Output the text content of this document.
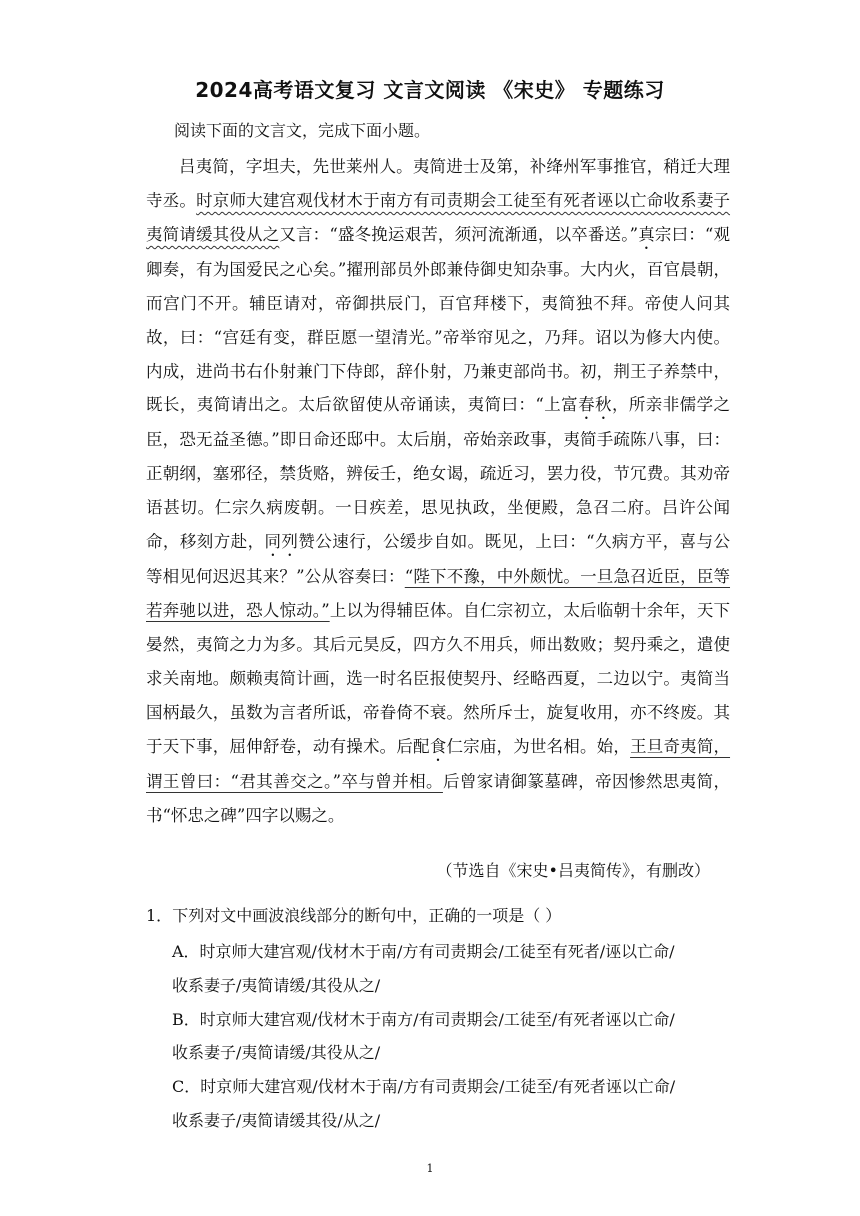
2024高考语文复习 文言文阅读 《宋史》 专题练习
阅读下面的文言文，完成下面小题。

吕夷简，字坦夫，先世莱州人。夷简进士及第，补绛州军事推官，稍迁大理寺丞。时京师大建宫观伐材木于南方有司责期会工徒至有死者诬以亡命收系妻子夷简请缓其役从之又言：“盛冬挽运艰苦，须河流渐通，以卒番送。”真宗曰：“观卿奏，有为国爱民之心矣。”擢刑部员外郎兼侍御史知杂事。大内火，百官晨朝，而宫门不开。辅臣请对，帝御拱辰门，百官拜楼下，夷简独不拜。帝使人问其故，曰：“宫廷有变，群臣愿一望清光。”帝举帘见之，乃拜。诏以为修大内使。内成，进尚书右仆射兼门下侍郎，辞仆射，乃兼吏部尚书。初，荆王子养禁中，既长，夷简请出之。太后欲留使从帝诵读，夷简曰：“上富春秋，所亲非儒学之臣，恐无益圣德。”即日命还邸中。太后崩，帝始亲政事，夷简手疏陈八事，曰：正朝纲，塞邪径，禁货赂，辨佞壬，绝女谒，疏近习，罢力役，节冗费。其劝帝语甚切。仁宗久病废朝。一日疾差，思见执政，坐便殿，急召二府。吕许公闻命，移刻方赴，同列赞公速行，公缓步自如。既见，上曰：“久病方平，喜与公等相见何迟迟其来？”公从容奏曰：“陛下不豫，中外颇忧。一旦急召近臣，臣等若奔驰以进，恐人惊动。”上以为得辅臣体。自仁宗初立，太后临朝十余年，天下晏然，夷简之力为多。其后元昊反，四方久不用兵，师出数败；契丹乘之，遣使求关南地。颇赖夷简计画，选一时名臣报使契丹、经略西夏，二边以宁。夷简当国柄最久，虽数为言者所诋，帝眷倚不衰。然所斥士，旋复收用，亦不终废。其于天下事，屈伸舒卷，动有操术。后配食仁宗庙，为世名相。始，王旦奇夷简，谓王曾曰：“君其善交之。”卒与曾并相。后曾家请御篆墓碑，帝因惨然思夷简，书“怀忠之碑”四字以赐之。

（节选自《宋史•吕夷简传》，有删改）
1．下列对文中画波浪线部分的断句中，正确的一项是（ ）
A．时京师大建宫观/伐材木于南/方有司责期会/工徒至有死者/诬以亡命/
收系妻子/夷简请缓/其役从之/
B．时京师大建宫观/伐材木于南方/有司责期会/工徒至/有死者诬以亡命/
收系妻子/夷简请缓/其役从之/
C．时京师大建宫观/伐材木于南/方有司责期会/工徒至/有死者诬以亡命/
收系妻子/夷简请缓其役/从之/
1
